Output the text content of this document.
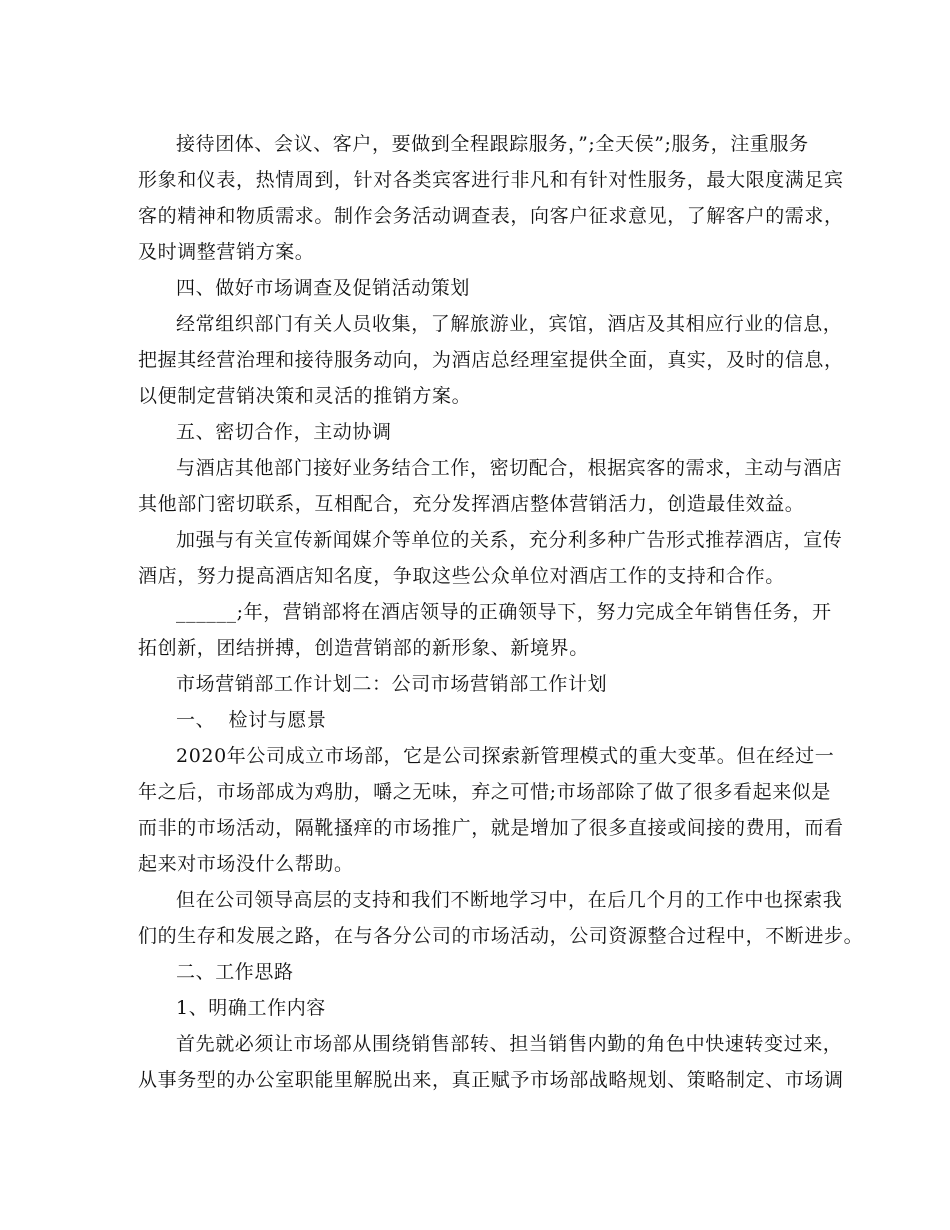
接待团体、会议、客户，要做到全程跟踪服务，”;全天侯”;服务，注重服务
形象和仪表，热情周到，针对各类宾客进行非凡和有针对性服务，最大限度满足宾
客的精神和物质需求。制作会务活动调查表，向客户征求意见，了解客户的需求，
及时调整营销方案。
四、做好市场调查及促销活动策划
经常组织部门有关人员收集，了解旅游业，宾馆，酒店及其相应行业的信息，
把握其经营治理和接待服务动向，为酒店总经理室提供全面，真实，及时的信息，
以便制定营销决策和灵活的推销方案。
五、密切合作，主动协调
与酒店其他部门接好业务结合工作，密切配合，根据宾客的需求，主动与酒店
其他部门密切联系，互相配合，充分发挥酒店整体营销活力，创造最佳效益。
加强与有关宣传新闻媒介等单位的关系，充分利多种广告形式推荐酒店，宣传
酒店，努力提高酒店知名度，争取这些公众单位对酒店工作的支持和合作。
______;年，营销部将在酒店领导的正确领导下，努力完成全年销售任务，开
拓创新，团结拼搏，创造营销部的新形象、新境界。
市场营销部工作计划二：公司市场营销部工作计划
一、  检讨与愿景
2020年公司成立市场部，它是公司探索新管理模式的重大变革。但在经过一
年之后，市场部成为鸡肋，嚼之无味，弃之可惜;市场部除了做了很多看起来似是
而非的市场活动，隔靴搔痒的市场推广，就是增加了很多直接或间接的费用，而看
起来对市场没什么帮助。
但在公司领导高层的支持和我们不断地学习中，在后几个月的工作中也探索我
们的生存和发展之路，在与各分公司的市场活动，公司资源整合过程中，不断进步。
二、工作思路
1、明确工作内容
首先就必须让市场部从围绕销售部转、担当销售内勤的角色中快速转变过来，
从事务型的办公室职能里解脱出来，真正赋予市场部战略规划、策略制定、市场调
